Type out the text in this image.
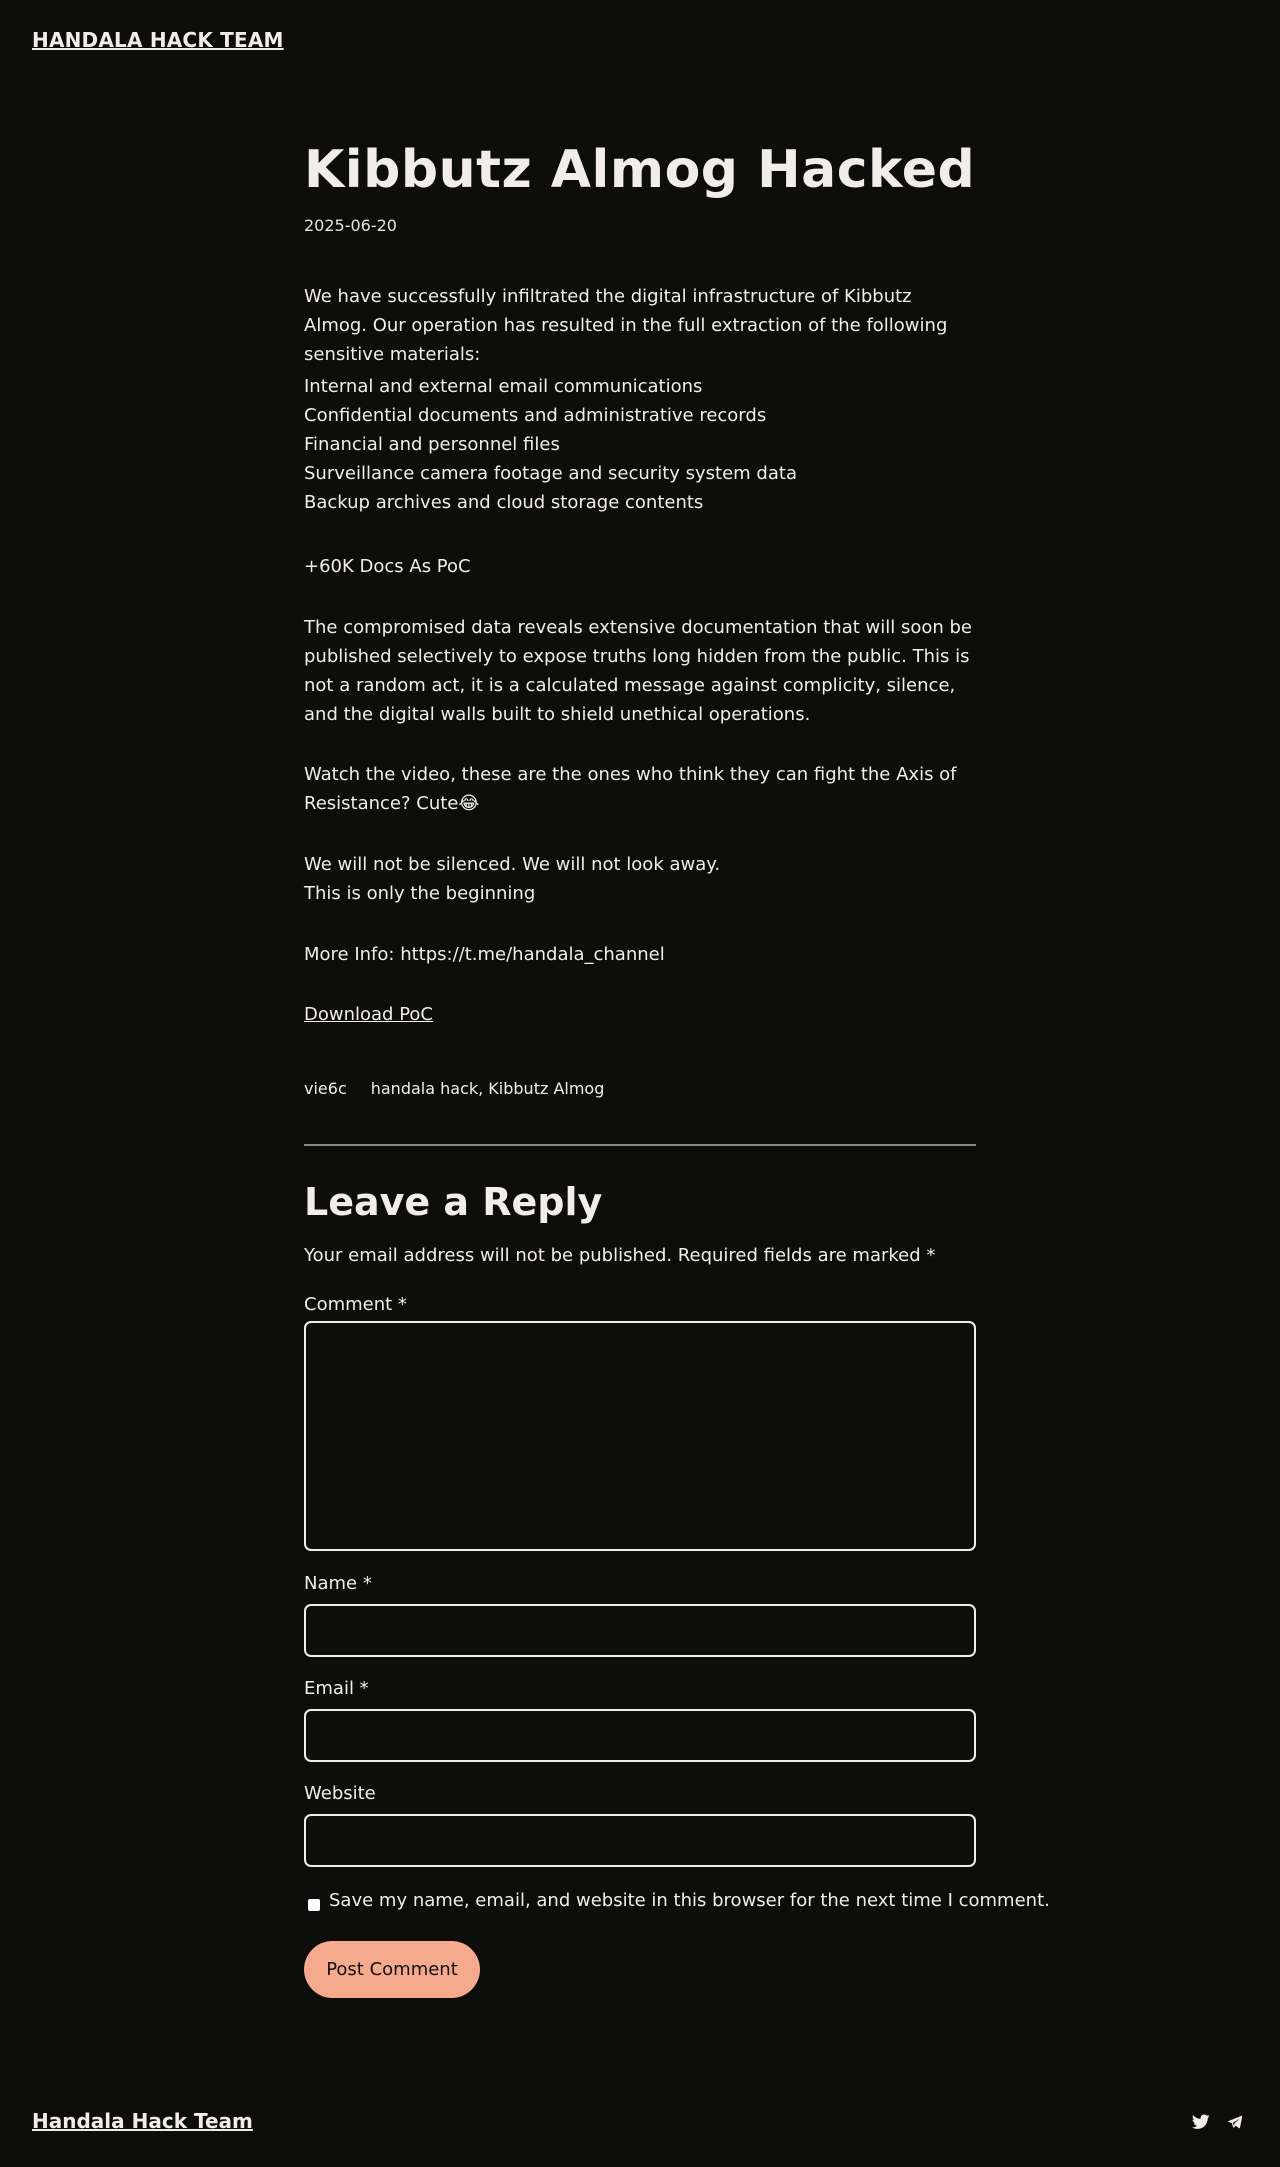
HANDALA HACK TEAM
Kibbutz Almog Hacked
2025-06-20

We have successfully infiltrated the digital infrastructure of Kibbutz Almog. Our operation has resulted in the full extraction of the following sensitive materials:

Internal and external email communications
Confidential documents and administrative records
Financial and personnel files
Surveillance camera footage and security system data
Backup archives and cloud storage contents

+60K Docs As PoC

The compromised data reveals extensive documentation that will soon be published selectively to expose truths long hidden from the public. This is not a random act, it is a calculated message against complicity, silence, and the digital walls built to shield unethical operations.

Watch the video, these are the ones who think they can fight the Axis of Resistance? Cute😂

We will not be silenced. We will not look away.
This is only the beginning

More Info: https://t.me/handala_channel

Download PoC
vie6c handala hack, Kibbutz Almog
Leave a Reply
Your email address will not be published. Required fields are marked *
Comment *
Name *
Email *
Website
Save my name, email, and website in this browser for the next time I comment.
Post Comment
Handala Hack Team
